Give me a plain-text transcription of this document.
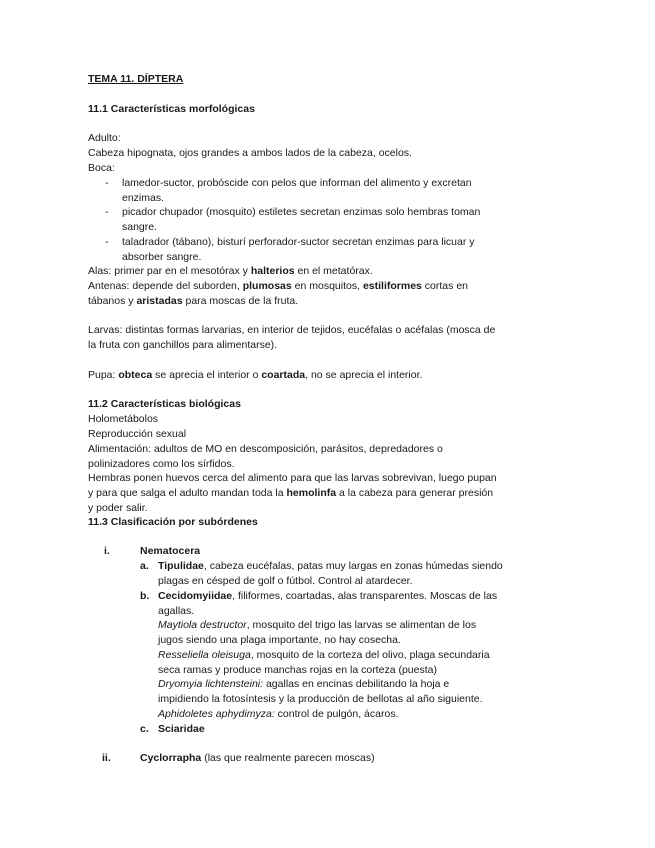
TEMA 11. DÍPTERA
11.1 Características morfológicas
Adulto:
Cabeza hipognata, ojos grandes a ambos lados de la cabeza, ocelos.
Boca:
- lamedor-suctor, probóscide con pelos que informan del alimento y excretan
enzimas.
- picador chupador (mosquito) estiletes secretan enzimas solo hembras toman
sangre.
- taladrador (tábano), bisturí perforador-suctor secretan enzimas para licuar y
absorber sangre.
Alas: primer par en el mesotórax y halterios en el metatórax.
Antenas: depende del suborden, plumosas en mosquitos, estiliformes cortas en
tábanos y aristadas para moscas de la fruta.
Larvas: distintas formas larvarias, en interior de tejidos, eucéfalas o acéfalas (mosca de
la fruta con ganchillos para alimentarse).
Pupa: obtecа se aprecia el interior o coartada, no se aprecia el interior.
11.2 Características biológicas
Holometábolos
Reproducción sexual
Alimentación: adultos de MO en descomposición, parásitos, depredadores o
polinizadores como los sírfidos.
Hembras ponen huevos cerca del alimento para que las larvas sobrevivan, luego pupan
y para que salga el adulto mandan toda la hemolinfa a la cabeza para generar presión
y poder salir.
11.3 Clasificación por subórdenes
i.	Nematocera
a. Tipulidae, cabeza eucéfalas, patas muy largas en zonas húmedas siendo
plagas en césped de golf o fútbol. Control al atardecer.
b. Cecidomyiidae, filiformes, coartadas, alas transparentes. Moscas de las
agallas.
Maytiola destructor, mosquito del trigo las larvas se alimentan de los
jugos siendo una plaga importante, no hay cosecha.
Resseliella oleisuga, mosquito de la corteza del olivo, plaga secundaria
seca ramas y produce manchas rojas en la corteza (puesta)
Dryomyia lichtensteini: agallas en encinas debilitando la hoja e
impidiendo la fotosíntesis y la producción de bellotas al año siguiente.
Aphidoletes aphydimyza: control de pulgón, ácaros.
c. Sciaridae
ii.	Cyclorrapha (las que realmente parecen moscas)
